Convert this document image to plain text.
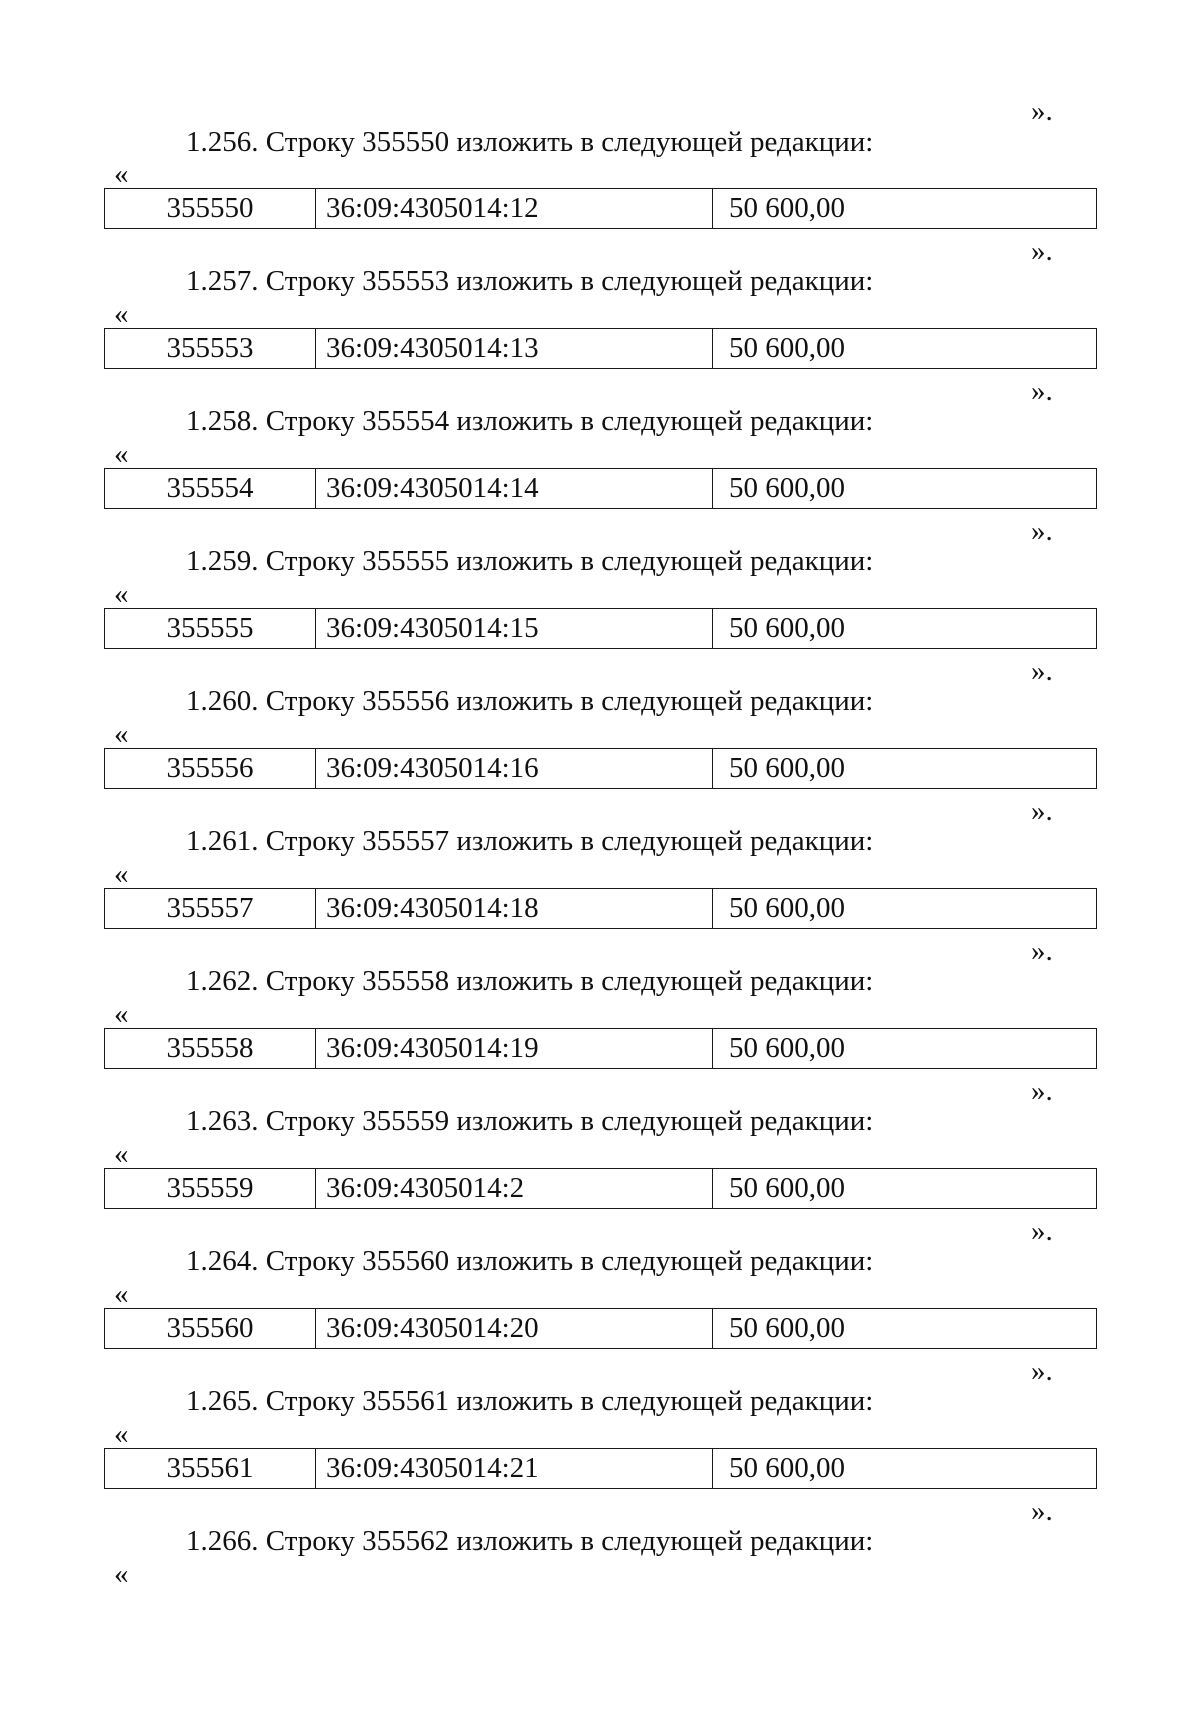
».
1.256. Строку 355550 изложить в следующей редакции:
«
355550	36:09:4305014:12	50 600,00
».
1.257. Строку 355553 изложить в следующей редакции:
«
355553	36:09:4305014:13	50 600,00
».
1.258. Строку 355554 изложить в следующей редакции:
«
355554	36:09:4305014:14	50 600,00
».
1.259. Строку 355555 изложить в следующей редакции:
«
355555	36:09:4305014:15	50 600,00
».
1.260. Строку 355556 изложить в следующей редакции:
«
355556	36:09:4305014:16	50 600,00
».
1.261. Строку 355557 изложить в следующей редакции:
«
355557	36:09:4305014:18	50 600,00
».
1.262. Строку 355558 изложить в следующей редакции:
«
355558	36:09:4305014:19	50 600,00
».
1.263. Строку 355559 изложить в следующей редакции:
«
355559	36:09:4305014:2	50 600,00
».
1.264. Строку 355560 изложить в следующей редакции:
«
355560	36:09:4305014:20	50 600,00
».
1.265. Строку 355561 изложить в следующей редакции:
«
355561	36:09:4305014:21	50 600,00
».
1.266. Строку 355562 изложить в следующей редакции:
«
